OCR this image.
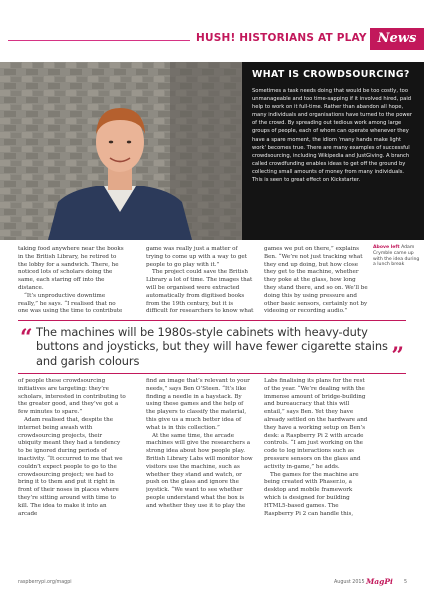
HUSH! HISTORIANS AT PLAY News
WHAT IS CROWDSOURCING?

Sometimes a task needs doing that would be too costly, too unmanageable and too time-sapping if it involved hired, paid help to work on it full-time. Rather than abandon all hope, many individuals and organisations have turned to the power of the crowd. By spreading out tedious work among large groups of people, each of whom can operate whenever they have a spare moment, the idiom 'many hands make light work' becomes true. There are many examples of successful crowdsourcing, including Wikipedia and JustGiving. A branch called crowdfunding enables ideas to get off the ground by collecting small amounts of money from many individuals. This is seen to great effect on Kickstarter.

Above left Adam Crymble came up with the idea during a lunch break

taking food anywhere near the books in the British Library, he retired to the lobby for a sandwich. There, he noticed lots of scholars doing the same, each staring off into the distance.

“It’s unproductive downtime really,” he says. “I realised that no one was using the time to contribute

game was really just a matter of trying to come up with a way to get people to go play with it.”

The project could save the British Library a lot of time. The images that will be organised were extracted automatically from digitised books from the 19th century, but it is difficult for researchers to know what

games we put on there,” explains Ben. “We’re not just tracking what they end up doing, but how close they get to the machine, whether they poke at the glass, how long they stand there, and so on. We’ll be doing this by using pressure and other basic sensors, certainly not by videoing or recording audio.”

“ The machines will be 1980s-style cabinets with heavy-duty buttons and joysticks, but they will have fewer cigarette stains and garish colours	”

of people these crowdsourcing initiatives are targeting: they’re scholars, interested in contributing to the greater good, and they’ve got a few minutes to spare.”

Adam realised that, despite the internet being awash with crowdsourcing projects, their ubiquity meant they had a tendency to be ignored during periods of inactivity. “It occurred to me that we couldn’t expect people to go to the crowdsourcing project; we had to bring it to them and put it right in front of their noses in places where they’re sitting around with time to kill. The idea to make it into an arcade

find an image that’s relevant to your needs,” says Ben O’Steen. “It’s like finding a needle in a haystack. By using these games and the help of the players to classify the material, this give us a much better idea of what is in this collection.”

At the same time, the arcade machines will give the researchers a strong idea about how people play. British Library Labs will monitor how visitors use the machine, such as whether they stand and watch, or push on the glass and ignore the joystick. “We want to see whether people understand what the box is and whether they use it to play the

Labs finalising its plans for the rest of the year. “We’re dealing with the immense amount of bridge-building and bureaucracy that this will entail,” says Ben. Yet they have already settled on the hardware and they have a working setup on Ben’s desk: a Raspberry Pi 2 with arcade controls. “I am just working on the code to log interactions such as pressure sensors on the glass and activity in-game,” he adds.

The games for the machine are being created with Phaser.io, a desktop and mobile framework which is designed for building HTML5-based games. The Raspberry Pi 2 can handle this,

raspberrypi.org/magpi	August 2015 MagPi 5
